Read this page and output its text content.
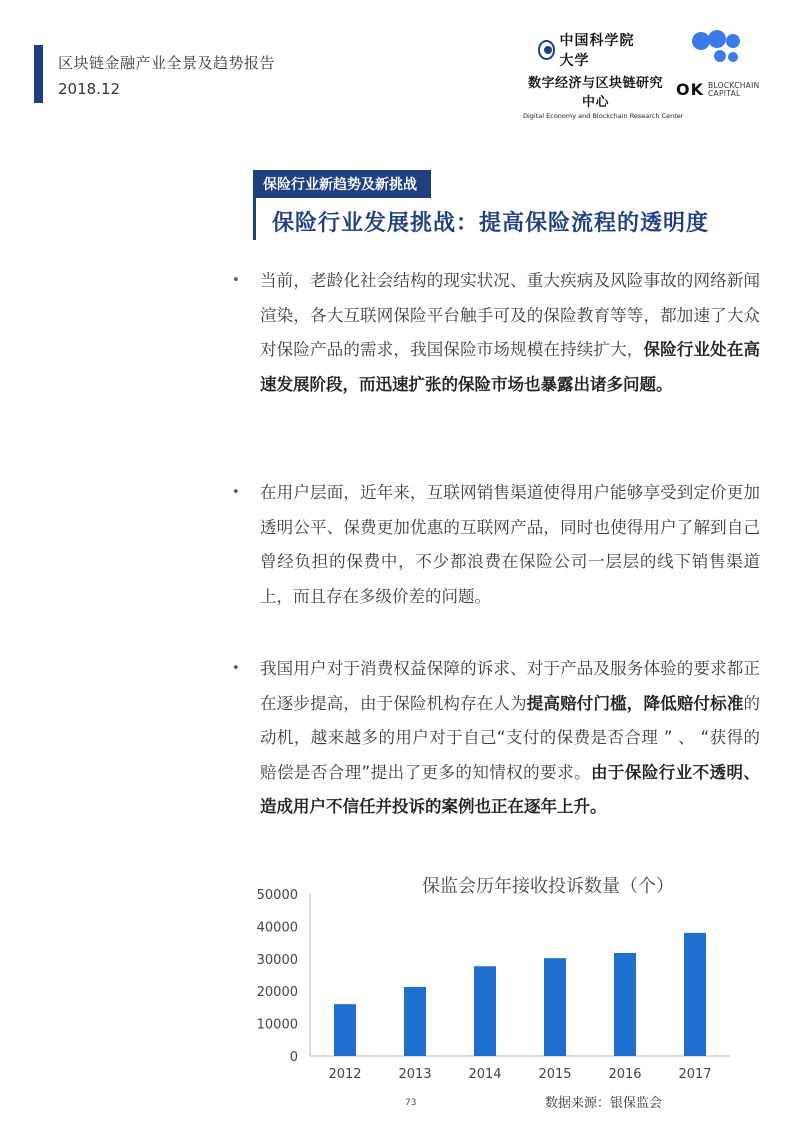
区块链金融产业全景及趋势报告
2018.12
中国科学院大学
数字经济与区块链研究中心
Digital Economy and Blockchain Research Center
OK BLOCKCHAIN
CAPITAL
保险行业新趋势及新挑战
保险行业发展挑战：提高保险流程的透明度
•	当前，老龄化社会结构的现实状况、重大疾病及风险事故的网络新闻渲染，各大互联网保险平台触手可及的保险教育等等，都加速了大众对保险产品的需求，我国保险市场规模在持续扩大，保险行业处在高速发展阶段，而迅速扩张的保险市场也暴露出诸多问题。

•	在用户层面，近年来，互联网销售渠道使得用户能够享受到定价更加透明公平、保费更加优惠的互联网产品，同时也使得用户了解到自己曾经负担的保费中，不少都浪费在保险公司一层层的线下销售渠道上，而且存在多级价差的问题。

•	我国用户对于消费权益保障的诉求、对于产品及服务体验的要求都正在逐步提高，由于保险机构存在人为提高赔付门槛，降低赔付标准的动机，越来越多的用户对于自己“支付的保费是否合理 ” 、 “获得的赔偿是否合理”提出了更多的知情权的要求。由于保险行业不透明、造成用户不信任并投诉的案例也正在逐年上升。

保监会历年接收投诉数量（个）
0
10000
20000
30000
40000
50000
2012	2013	2014	2015	2016	2017
73	数据来源：银保监会
